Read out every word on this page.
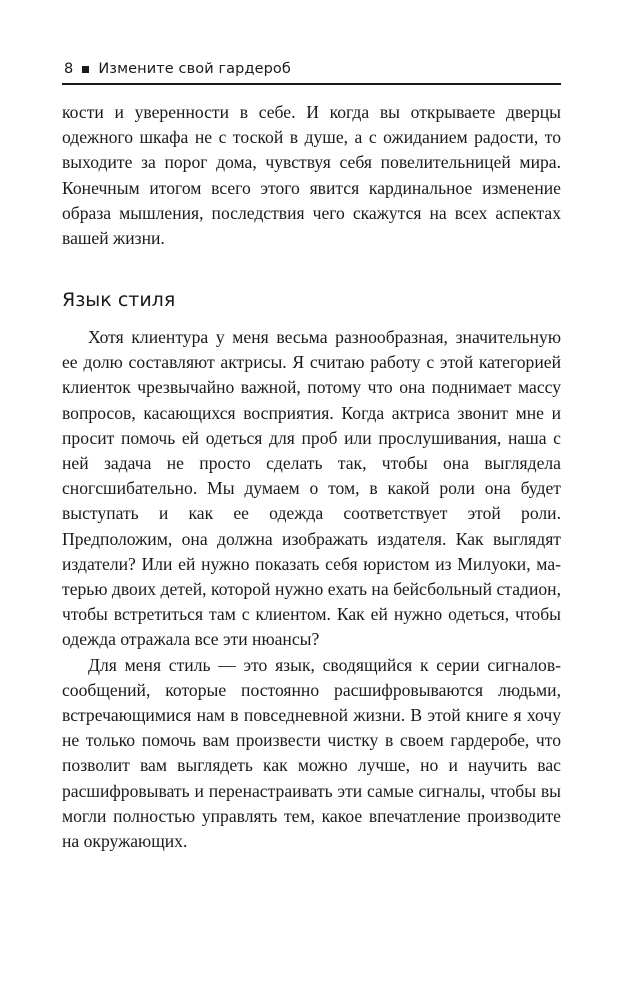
8 Измените свой гардероб

кости и уверенности в себе. И когда вы открываете дверцы одежного шкафа не с тоской в душе, а с ожиданием радости, то выходите за порог дома, чувствуя себя повелительницей мира. Конечным итогом всего этого явится кардинальное изменение образа мышления, последствия чего скажутся на всех аспектах вашей жизни.

Язык стиля

Хотя клиентура у меня весьма разнообразная, значительную ее долю составляют актрисы. Я считаю работу с этой категорией клиенток чрезвычайно важной, потому что она поднимает массу вопросов, касающихся восприятия. Когда актриса звонит мне и просит помочь ей одеться для проб или прослушивания, наша с ней задача не просто сделать так, чтобы она выглядела сногсшибательно. Мы думаем о том, в какой роли она будет выступать и как ее одежда соответствует этой роли. Предположим, она должна изображать издателя. Как выглядят издатели? Или ей нужно показать себя юристом из Милуоки, матерью двоих детей, которой нужно ехать на бейсбольный стадион, чтобы встретиться там с клиентом. Как ей нужно одеться, чтобы одежда отражала все эти нюансы?

Для меня стиль — это язык, сводящийся к серии сигналов-сообщений, которые постоянно расшифровываются людьми, встречающимися нам в повседневной жизни. В этой книге я хочу не только помочь вам произвести чистку в своем гардеробе, что позволит вам выглядеть как можно лучше, но и научить вас расшифровывать и перенастраивать эти самые сигналы, чтобы вы могли полностью управлять тем, какое впечатление производите на окружающих.
